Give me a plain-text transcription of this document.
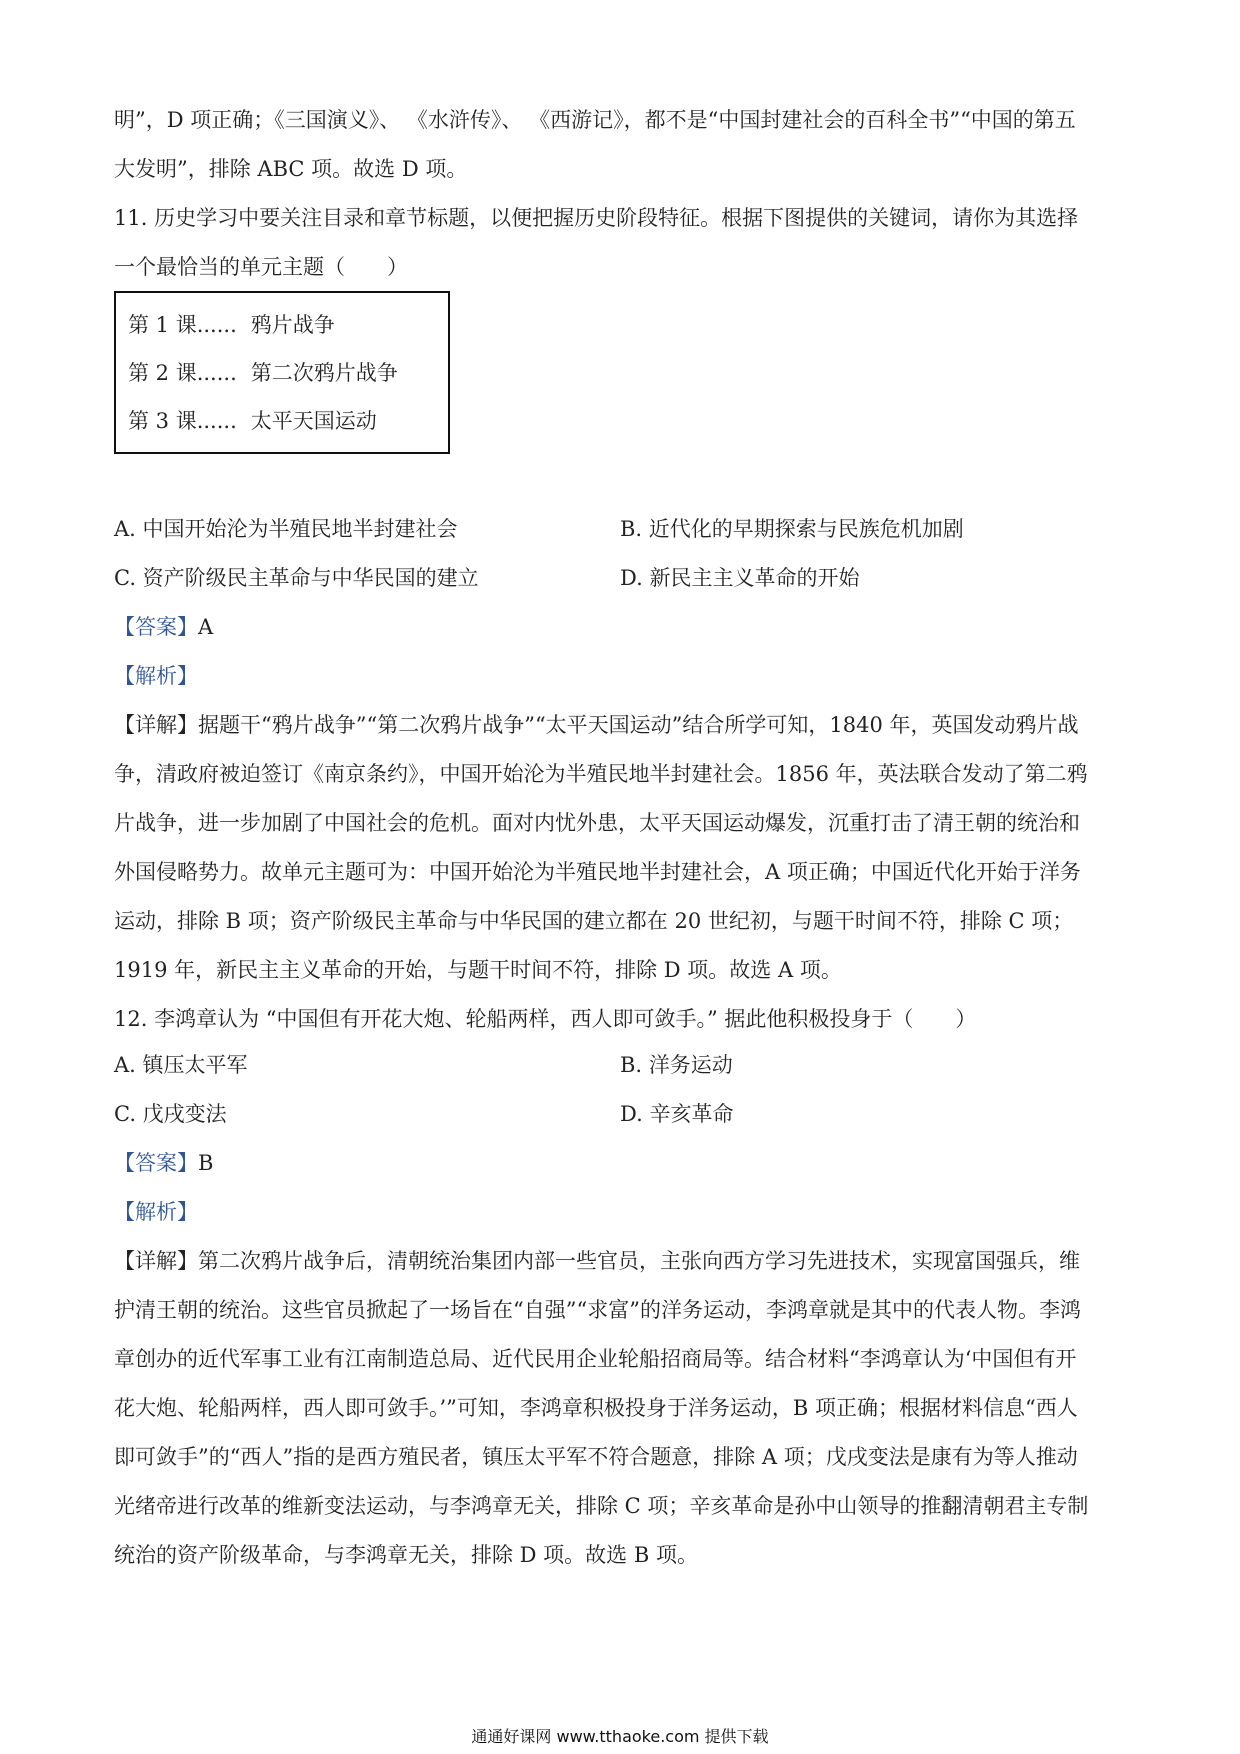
明”，D 项正确；《三国演义》、 《水浒传》、 《西游记》，都不是“中国封建社会的百科全书”“中国的第五
大发明”，排除 ABC 项。故选 D 项。
11. 历史学习中要关注目录和章节标题，以便把握历史阶段特征。根据下图提供的关键词，请你为其选择
一个最恰当的单元主题（　　）
第 1 课...... 鸦片战争
第 2 课...... 第二次鸦片战争
第 3 课...... 太平天国运动
A. 中国开始沦为半殖民地半封建社会	B. 近代化的早期探索与民族危机加剧
C. 资产阶级民主革命与中华民国的建立	D. 新民主主义革命的开始
【答案】A
【解析】
【详解】据题干“鸦片战争”“第二次鸦片战争”“太平天国运动”结合所学可知，1840 年，英国发动鸦片战
争，清政府被迫签订《南京条约》，中国开始沦为半殖民地半封建社会。1856 年，英法联合发动了第二鸦
片战争，进一步加剧了中国社会的危机。面对内忧外患，太平天国运动爆发，沉重打击了清王朝的统治和
外国侵略势力。故单元主题可为：中国开始沦为半殖民地半封建社会，A 项正确；中国近代化开始于洋务
运动，排除 B 项；资产阶级民主革命与中华民国的建立都在 20 世纪初，与题干时间不符，排除 C 项；
1919 年，新民主主义革命的开始，与题干时间不符，排除 D 项。故选 A 项。
12. 李鸿章认为 “中国但有开花大炮、轮船两样，西人即可敛手。” 据此他积极投身于（　　）
A. 镇压太平军	B. 洋务运动
C. 戊戌变法	D. 辛亥革命
【答案】B
【解析】
【详解】第二次鸦片战争后，清朝统治集团内部一些官员，主张向西方学习先进技术，实现富国强兵，维
护清王朝的统治。这些官员掀起了一场旨在“自强”“求富”的洋务运动，李鸿章就是其中的代表人物。李鸿
章创办的近代军事工业有江南制造总局、近代民用企业轮船招商局等。结合材料“李鸿章认为‘中国但有开
花大炮、轮船两样，西人即可敛手。’”可知，李鸿章积极投身于洋务运动，B 项正确；根据材料信息“西人
即可敛手”的“西人”指的是西方殖民者，镇压太平军不符合题意，排除 A 项；戊戌变法是康有为等人推动
光绪帝进行改革的维新变法运动，与李鸿章无关，排除 C 项；辛亥革命是孙中山领导的推翻清朝君主专制
统治的资产阶级革命，与李鸿章无关，排除 D 项。故选 B 项。
通通好课网 www.tthaoke.com 提供下载
